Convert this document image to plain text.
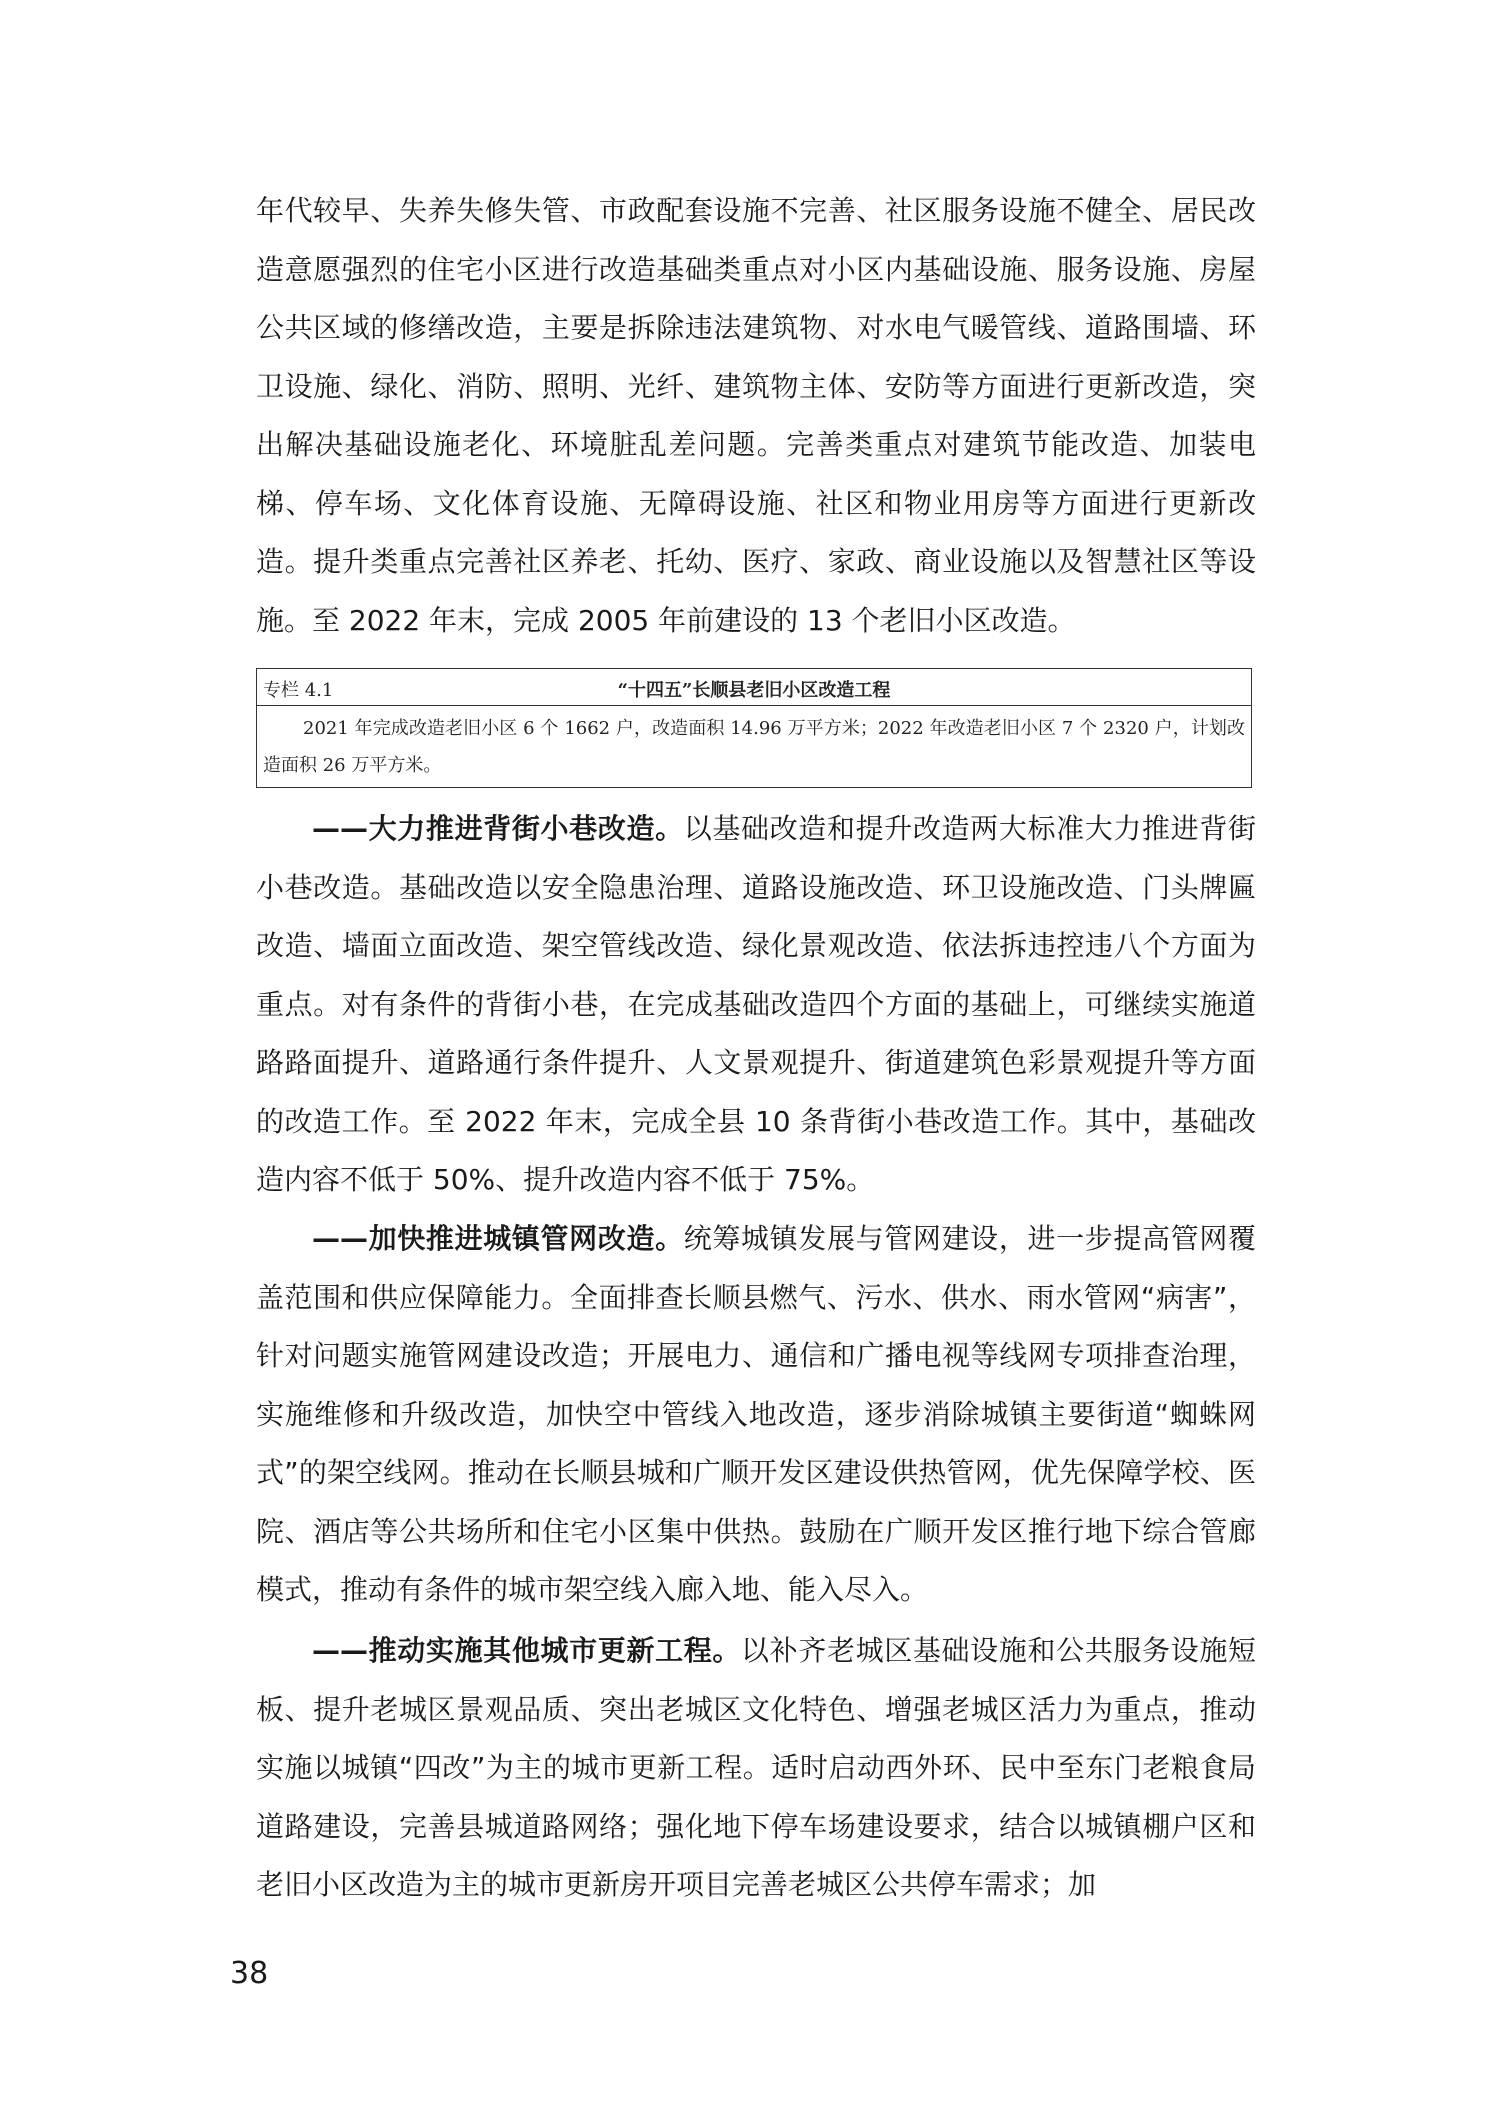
年代较早、失养失修失管、市政配套设施不完善、社区服务设施不健全、居民改造意愿强烈的住宅小区进行改造基础类重点对小区内基础设施、服务设施、房屋公共区域的修缮改造，主要是拆除违法建筑物、对水电气暖管线、道路围墙、环卫设施、绿化、消防、照明、光纤、建筑物主体、安防等方面进行更新改造，突出解决基础设施老化、环境脏乱差问题。完善类重点对建筑节能改造、加装电梯、停车场、文化体育设施、无障碍设施、社区和物业用房等方面进行更新改造。提升类重点完善社区养老、托幼、医疗、家政、商业设施以及智慧社区等设施。至 2022 年末，完成 2005 年前建设的 13 个老旧小区改造。

专栏 4.1	“十四五”长顺县老旧小区改造工程

2021 年完成改造老旧小区 6 个 1662 户，改造面积 14.96 万平方米；2022 年改造老旧小区 7 个 2320 户，计划改造面积 26 万平方米。

——大力推进背街小巷改造。以基础改造和提升改造两大标准大力推进背街小巷改造。基础改造以安全隐患治理、道路设施改造、环卫设施改造、门头牌匾改造、墙面立面改造、架空管线改造、绿化景观改造、依法拆违控违八个方面为重点。对有条件的背街小巷，在完成基础改造四个方面的基础上，可继续实施道路路面提升、道路通行条件提升、人文景观提升、街道建筑色彩景观提升等方面的改造工作。至 2022 年末，完成全县 10 条背街小巷改造工作。其中，基础改造内容不低于 50%、提升改造内容不低于 75%。

——加快推进城镇管网改造。统筹城镇发展与管网建设，进一步提高管网覆盖范围和供应保障能力。全面排查长顺县燃气、污水、供水、雨水管网“病害”，针对问题实施管网建设改造；开展电力、通信和广播电视等线网专项排查治理，实施维修和升级改造，加快空中管线入地改造，逐步消除城镇主要街道“蜘蛛网式”的架空线网。推动在长顺县城和广顺开发区建设供热管网，优先保障学校、医院、酒店等公共场所和住宅小区集中供热。鼓励在广顺开发区推行地下综合管廊模式，推动有条件的城市架空线入廊入地、能入尽入。

——推动实施其他城市更新工程。以补齐老城区基础设施和公共服务设施短板、提升老城区景观品质、突出老城区文化特色、增强老城区活力为重点，推动实施以城镇“四改”为主的城市更新工程。适时启动西外环、民中至东门老粮食局道路建设，完善县城道路网络；强化地下停车场建设要求，结合以城镇棚户区和老旧小区改造为主的城市更新房开项目完善老城区公共停车需求；加

38
